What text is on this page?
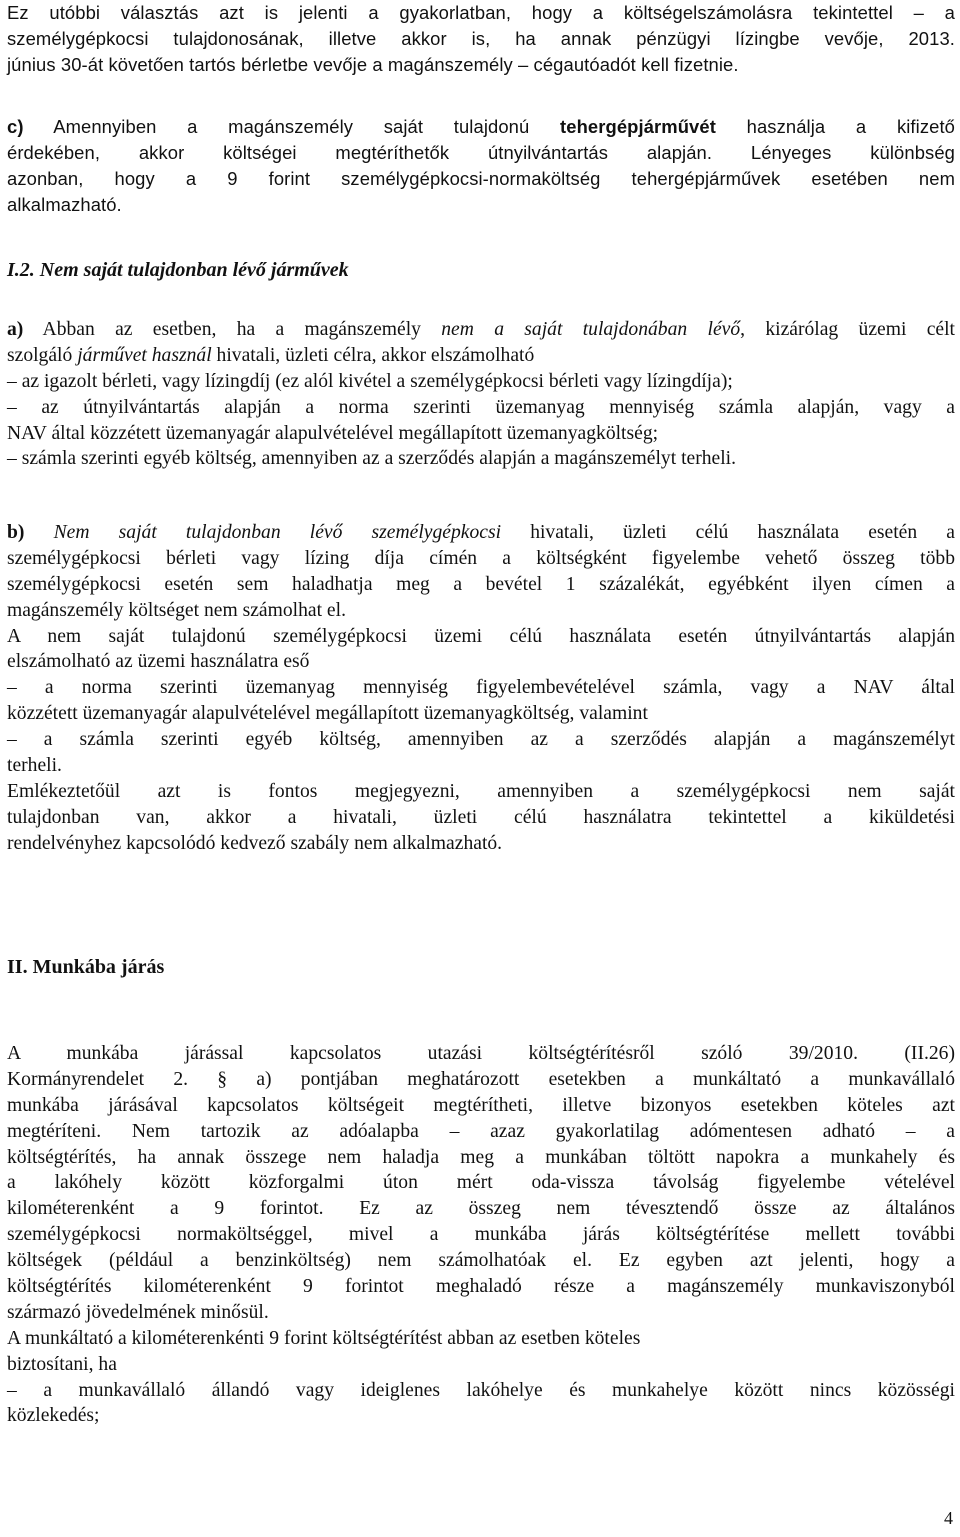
Ez utóbbi választás azt is jelenti a gyakorlatban, hogy a költségelszámolásra tekintettel – a
személygépkocsi tulajdonosának, illetve akkor is, ha annak pénzügyi lízingbe vevője, 2013.
június 30-át követően tartós bérletbe vevője a magánszemély – cégautóadót kell fizetnie.
c) Amennyiben a magánszemély saját tulajdonú tehergépjárművét használja a kifizető
érdekében, akkor költségei megtéríthetők útnyilvántartás alapján. Lényeges különbség
azonban, hogy a 9 forint személygépkocsi-normaköltség tehergépjárművek esetében nem
alkalmazható.
I.2. Nem saját tulajdonban lévő járművek
a) Abban az esetben, ha a magánszemély nem a saját tulajdonában lévő, kizárólag üzemi célt
szolgáló járművet használ hivatali, üzleti célra, akkor elszámolható
– az igazolt bérleti, vagy lízingdíj (ez alól kivétel a személygépkocsi bérleti vagy lízingdíja);
– az útnyilvántartás alapján a norma szerinti üzemanyag mennyiség számla alapján, vagy a
NAV által közzétett üzemanyagár alapulvételével megállapított üzemanyagköltség;
– számla szerinti egyéb költség, amennyiben az a szerződés alapján a magánszemélyt terheli.
b) Nem saját tulajdonban lévő személygépkocsi hivatali, üzleti célú használata esetén a
személygépkocsi bérleti vagy lízing díja címén a költségként figyelembe vehető összeg több
személygépkocsi esetén sem haladhatja meg a bevétel 1 százalékát, egyébként ilyen címen a
magánszemély költséget nem számolhat el.
A nem saját tulajdonú személygépkocsi üzemi célú használata esetén útnyilvántartás alapján
elszámolható az üzemi használatra eső
– a norma szerinti üzemanyag mennyiség figyelembevételével számla, vagy a NAV által
közzétett üzemanyagár alapulvételével megállapított üzemanyagköltség, valamint
– a számla szerinti egyéb költség, amennyiben az a szerződés alapján a magánszemélyt
terheli.
Emlékeztetőül azt is fontos megjegyezni, amennyiben a személygépkocsi nem saját
tulajdonban van, akkor a hivatali, üzleti célú használatra tekintettel a kiküldetési
rendelvényhez kapcsolódó kedvező szabály nem alkalmazható.
II. Munkába járás
A munkába járással kapcsolatos utazási költségtérítésről szóló 39/2010. (II.26)
Kormányrendelet 2. § a) pontjában meghatározott esetekben a munkáltató a munkavállaló
munkába járásával kapcsolatos költségeit megtérítheti, illetve bizonyos esetekben köteles azt
megtéríteni. Nem tartozik az adóalapba – azaz gyakorlatilag adómentesen adható – a
költségtérítés, ha annak összege nem haladja meg a munkában töltött napokra a munkahely és
a lakóhely között közforgalmi úton mért oda-vissza távolság figyelembe vételével
kilométerenként a 9 forintot. Ez az összeg nem tévesztendő össze az általános
személygépkocsi normaköltséggel, mivel a munkába járás költségtérítése mellett további
költségek (például a benzinköltség) nem számolhatóak el. Ez egyben azt jelenti, hogy a
költségtérítés kilométerenként 9 forintot meghaladó része a magánszemély munkaviszonyból
származó jövedelmének minősül.
A munkáltató a kilométerenkénti 9 forint költségtérítést abban az esetben köteles
biztosítani, ha
– a munkavállaló állandó vagy ideiglenes lakóhelye és munkahelye között nincs közösségi
közlekedés;
4
